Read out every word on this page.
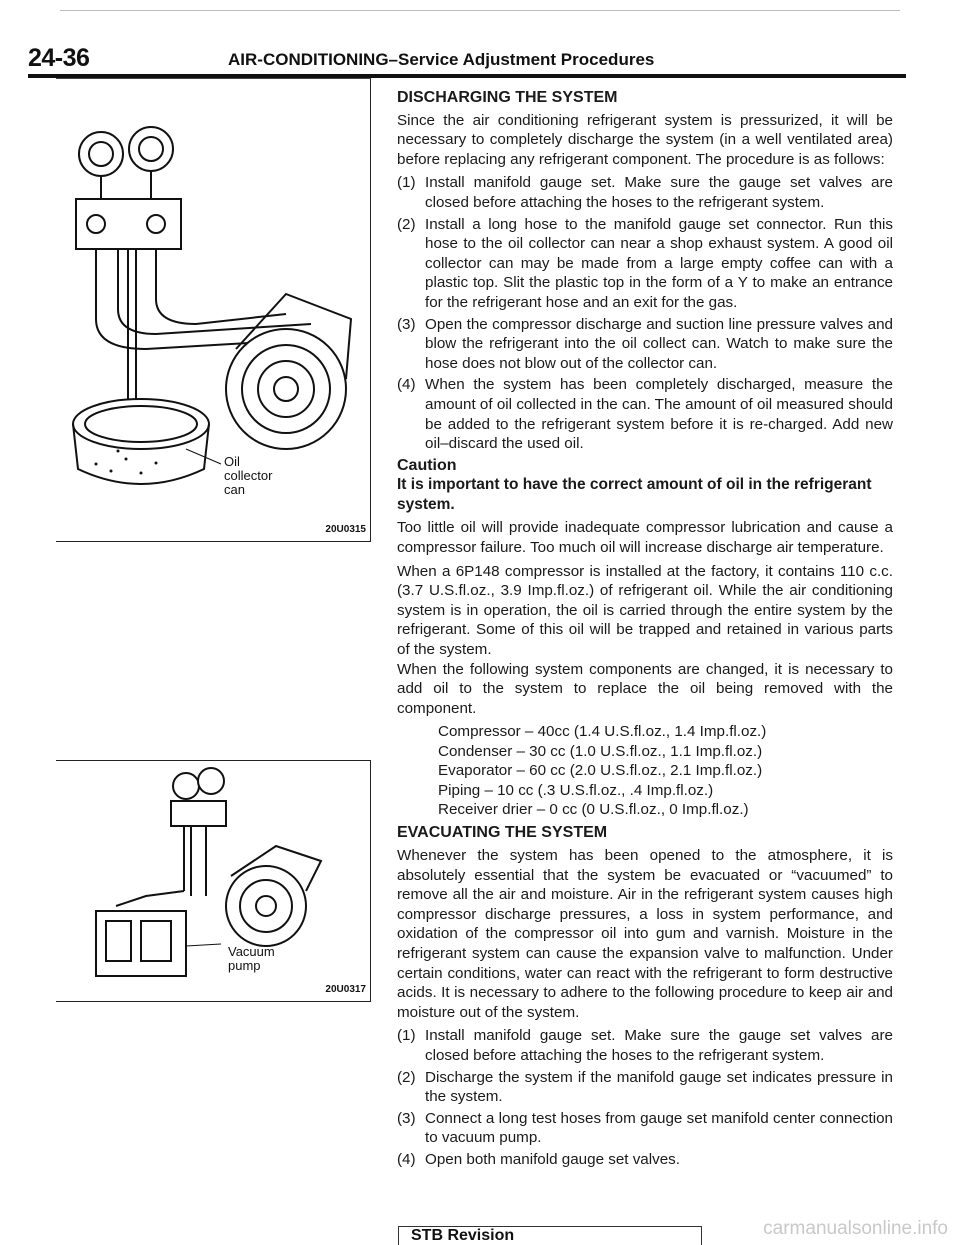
24-36	AIR-CONDITIONING–Service Adjustment Procedures
Oil
collector
can
20U0315
Vacuum
pump
20U0317
DISCHARGING THE SYSTEM

Since the air conditioning refrigerant system is pressurized, it will be necessary to completely discharge the system (in a well ventilated area) before replacing any refrigerant component. The procedure is as follows:

(1) Install manifold gauge set. Make sure the gauge set valves are closed before attaching the hoses to the refrigerant system.
(2) Install a long hose to the manifold gauge set connector. Run this hose to the oil collector can near a shop exhaust system. A good oil collector can may be made from a large empty coffee can with a plastic top. Slit the plastic top in the form of a Y to make an entrance for the refrigerant hose and an exit for the gas.
(3) Open the compressor discharge and suction line pressure valves and blow the refrigerant into the oil collect can. Watch to make sure the hose does not blow out of the collector can.
(4) When the system has been completely discharged, measure the amount of oil collected in the can. The amount of oil measured should be added to the refrigerant system before it is re-charged. Add new oil–discard the used oil.
Caution
It is important to have the correct amount of oil in the refrigerant system.

Too little oil will provide inadequate compressor lubrication and cause a compressor failure. Too much oil will increase discharge air temperature.

When a 6P148 compressor is installed at the factory, it contains 110 c.c. (3.7 U.S.fl.oz., 3.9 Imp.fl.oz.) of refrigerant oil. While the air conditioning system is in operation, the oil is carried through the entire system by the refrigerant. Some of this oil will be trapped and retained in various parts of the system.

When the following system components are changed, it is necessary to add oil to the system to replace the oil being removed with the component.

Compressor – 40cc (1.4 U.S.fl.oz., 1.4 Imp.fl.oz.)
Condenser – 30 cc (1.0 U.S.fl.oz., 1.1 Imp.fl.oz.)
Evaporator – 60 cc (2.0 U.S.fl.oz., 2.1 Imp.fl.oz.)
Piping – 10 cc (.3 U.S.fl.oz., .4 Imp.fl.oz.)
Receiver drier – 0 cc (0 U.S.fl.oz., 0 Imp.fl.oz.)
EVACUATING THE SYSTEM

Whenever the system has been opened to the atmosphere, it is absolutely essential that the system be evacuated or “vacuumed” to remove all the air and moisture. Air in the refrigerant system causes high compressor discharge pressures, a loss in system performance, and oxidation of the compressor oil into gum and varnish. Moisture in the refrigerant system can cause the expansion valve to malfunction. Under certain conditions, water can react with the refrigerant to form destructive acids. It is necessary to adhere to the following procedure to keep air and moisture out of the system.

(1) Install manifold gauge set. Make sure the gauge set valves are closed before attaching the hoses to the refrigerant system.
(2) Discharge the system if the manifold gauge set indicates pressure in the system.
(3) Connect a long test hoses from gauge set manifold center connection to vacuum pump.
(4) Open both manifold gauge set valves.
STB Revision	carmanualsonline.info
